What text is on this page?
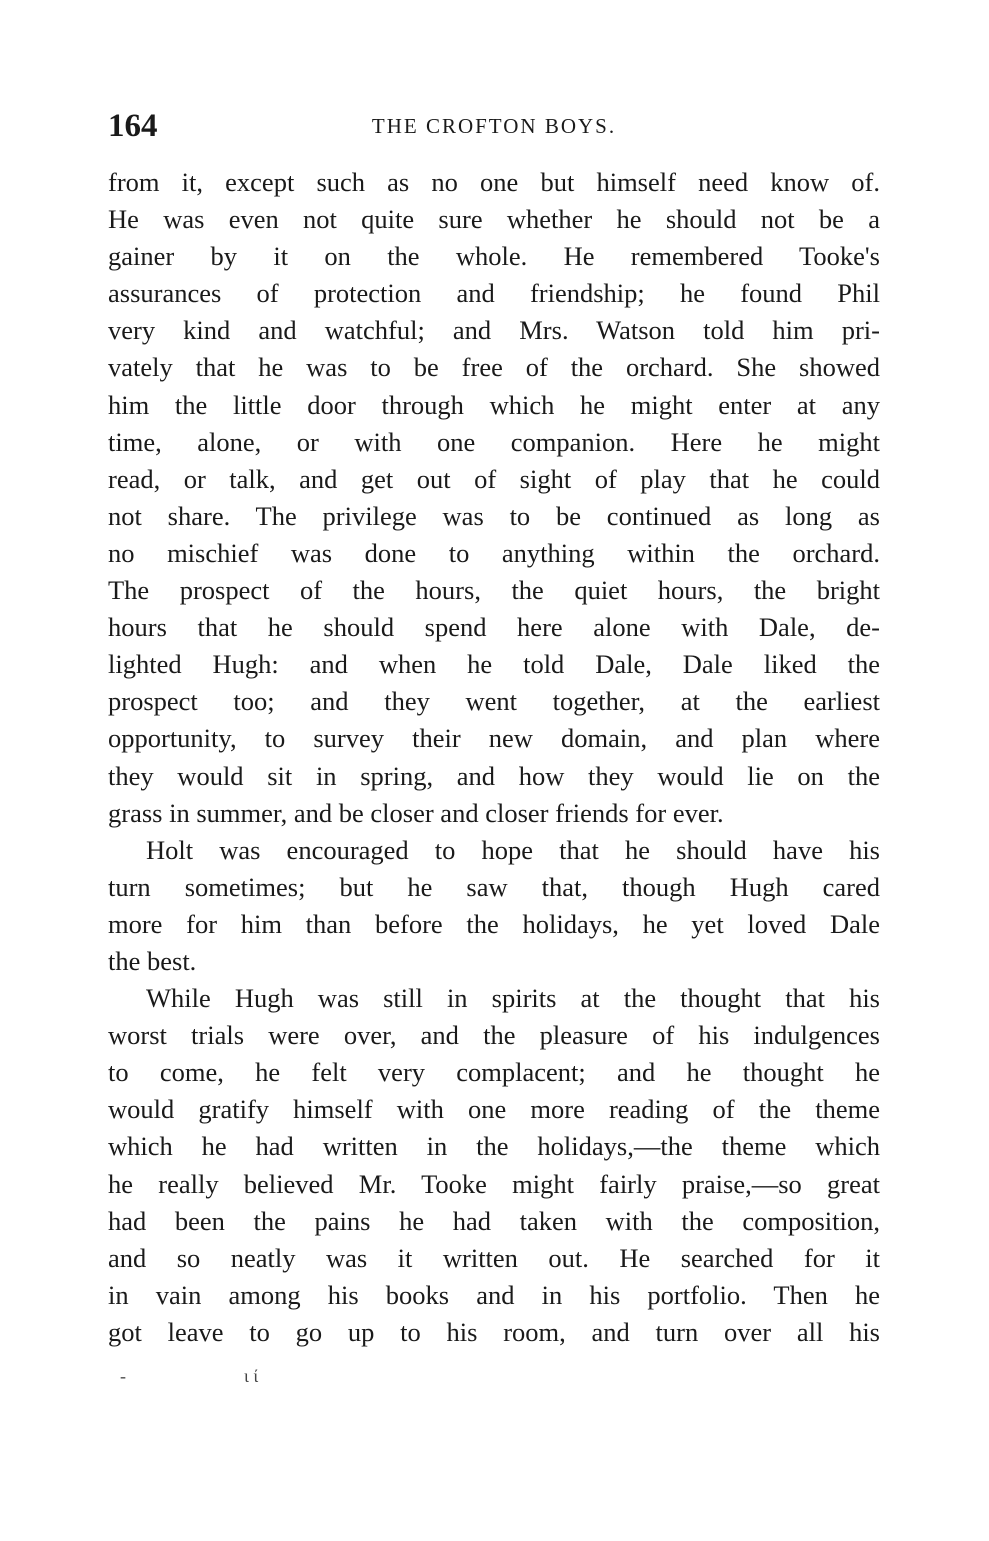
164	THE CROFTON BOYS.
from it, except such as no one but himself need know of.
He was even not quite sure whether he should not be a
gainer by it on the whole. He remembered Tooke's
assurances of protection and friendship; he found Phil
very kind and watchful; and Mrs. Watson told him pri-
vately that he was to be free of the orchard. She showed
him the little door through which he might enter at any
time, alone, or with one companion. Here he might
read, or talk, and get out of sight of play that he could
not share. The privilege was to be continued as long as
no mischief was done to anything within the orchard.
The prospect of the hours, the quiet hours, the bright
hours that he should spend here alone with Dale, de-
lighted Hugh: and when he told Dale, Dale liked the
prospect too; and they went together, at the earliest
opportunity, to survey their new domain, and plan where
they would sit in spring, and how they would lie on the
grass in summer, and be closer and closer friends for ever.
Holt was encouraged to hope that he should have his
turn sometimes; but he saw that, though Hugh cared
more for him than before the holidays, he yet loved Dale
the best.
While Hugh was still in spirits at the thought that his
worst trials were over, and the pleasure of his indulgences
to come, he felt very complacent; and he thought he
would gratify himself with one more reading of the theme
which he had written in the holidays,—the theme which
he really believed Mr. Tooke might fairly praise,—so great
had been the pains he had taken with the composition,
and so neatly was it written out. He searched for it
in vain among his books and in his portfolio. Then he
got leave to go up to his room, and turn over all his
-	ι ί
